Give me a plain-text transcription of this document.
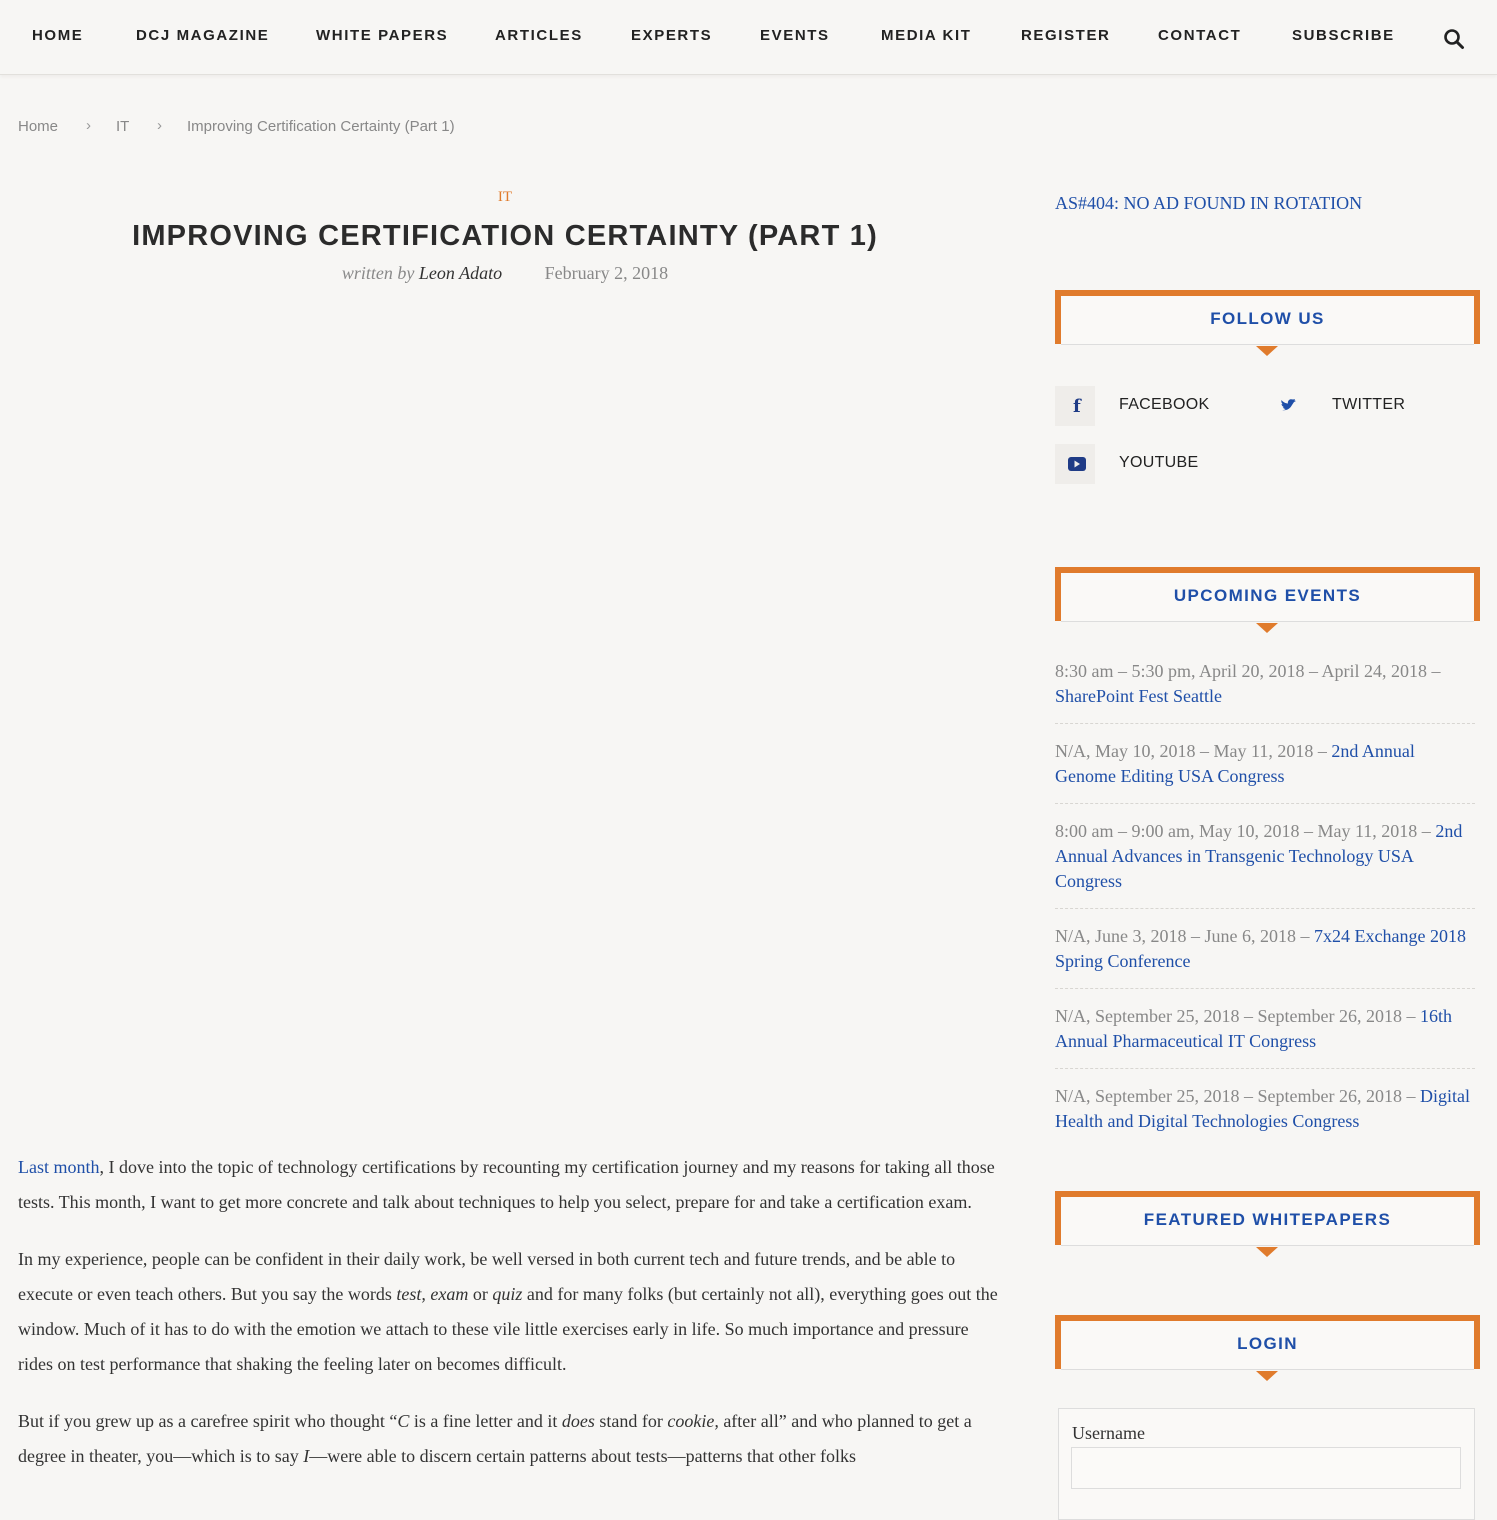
HOME	DCJ MAGAZINE	WHITE PAPERS	ARTICLES	EXPERTS	EVENTS	MEDIA KIT	REGISTER	CONTACT	SUBSCRIBE
Home › IT › Improving Certification Certainty (Part 1)
IT
IMPROVING CERTIFICATION CERTAINTY (PART 1)
written by Leon Adato February 2, 2018

Last month, I dove into the topic of technology certifications by recounting my certification journey and my reasons for taking all those tests. This month, I want to get more concrete and talk about techniques to help you select, prepare for and take a certification exam.

In my experience, people can be confident in their daily work, be well versed in both current tech and future trends, and be able to execute or even teach others. But you say the words test, exam or quiz and for many folks (but certainly not all), everything goes out the window. Much of it has to do with the emotion we attach to these vile little exercises early in life. So much importance and pressure rides on test performance that shaking the feeling later on becomes difficult.

But if you grew up as a carefree spirit who thought “C is a fine letter and it does stand for cookie, after all” and who planned to get a degree in theater, you—which is to say I—were able to discern certain patterns about tests—patterns that other folks

AS#404: NO AD FOUND IN ROTATION
FOLLOW US
f FACEBOOK	TWITTER
YOUTUBE
UPCOMING EVENTS
8:30 am – 5:30 pm, April 20, 2018 – April 24, 2018 – SharePoint Fest Seattle
N/A, May 10, 2018 – May 11, 2018 – 2nd Annual Genome Editing USA Congress
8:00 am – 9:00 am, May 10, 2018 – May 11, 2018 – 2nd Annual Advances in Transgenic Technology USA Congress
N/A, June 3, 2018 – June 6, 2018 – 7x24 Exchange 2018 Spring Conference
N/A, September 25, 2018 – September 26, 2018 – 16th Annual Pharmaceutical IT Congress
N/A, September 25, 2018 – September 26, 2018 – Digital Health and Digital Technologies Congress
FEATURED WHITEPAPERS
LOGIN
Username
